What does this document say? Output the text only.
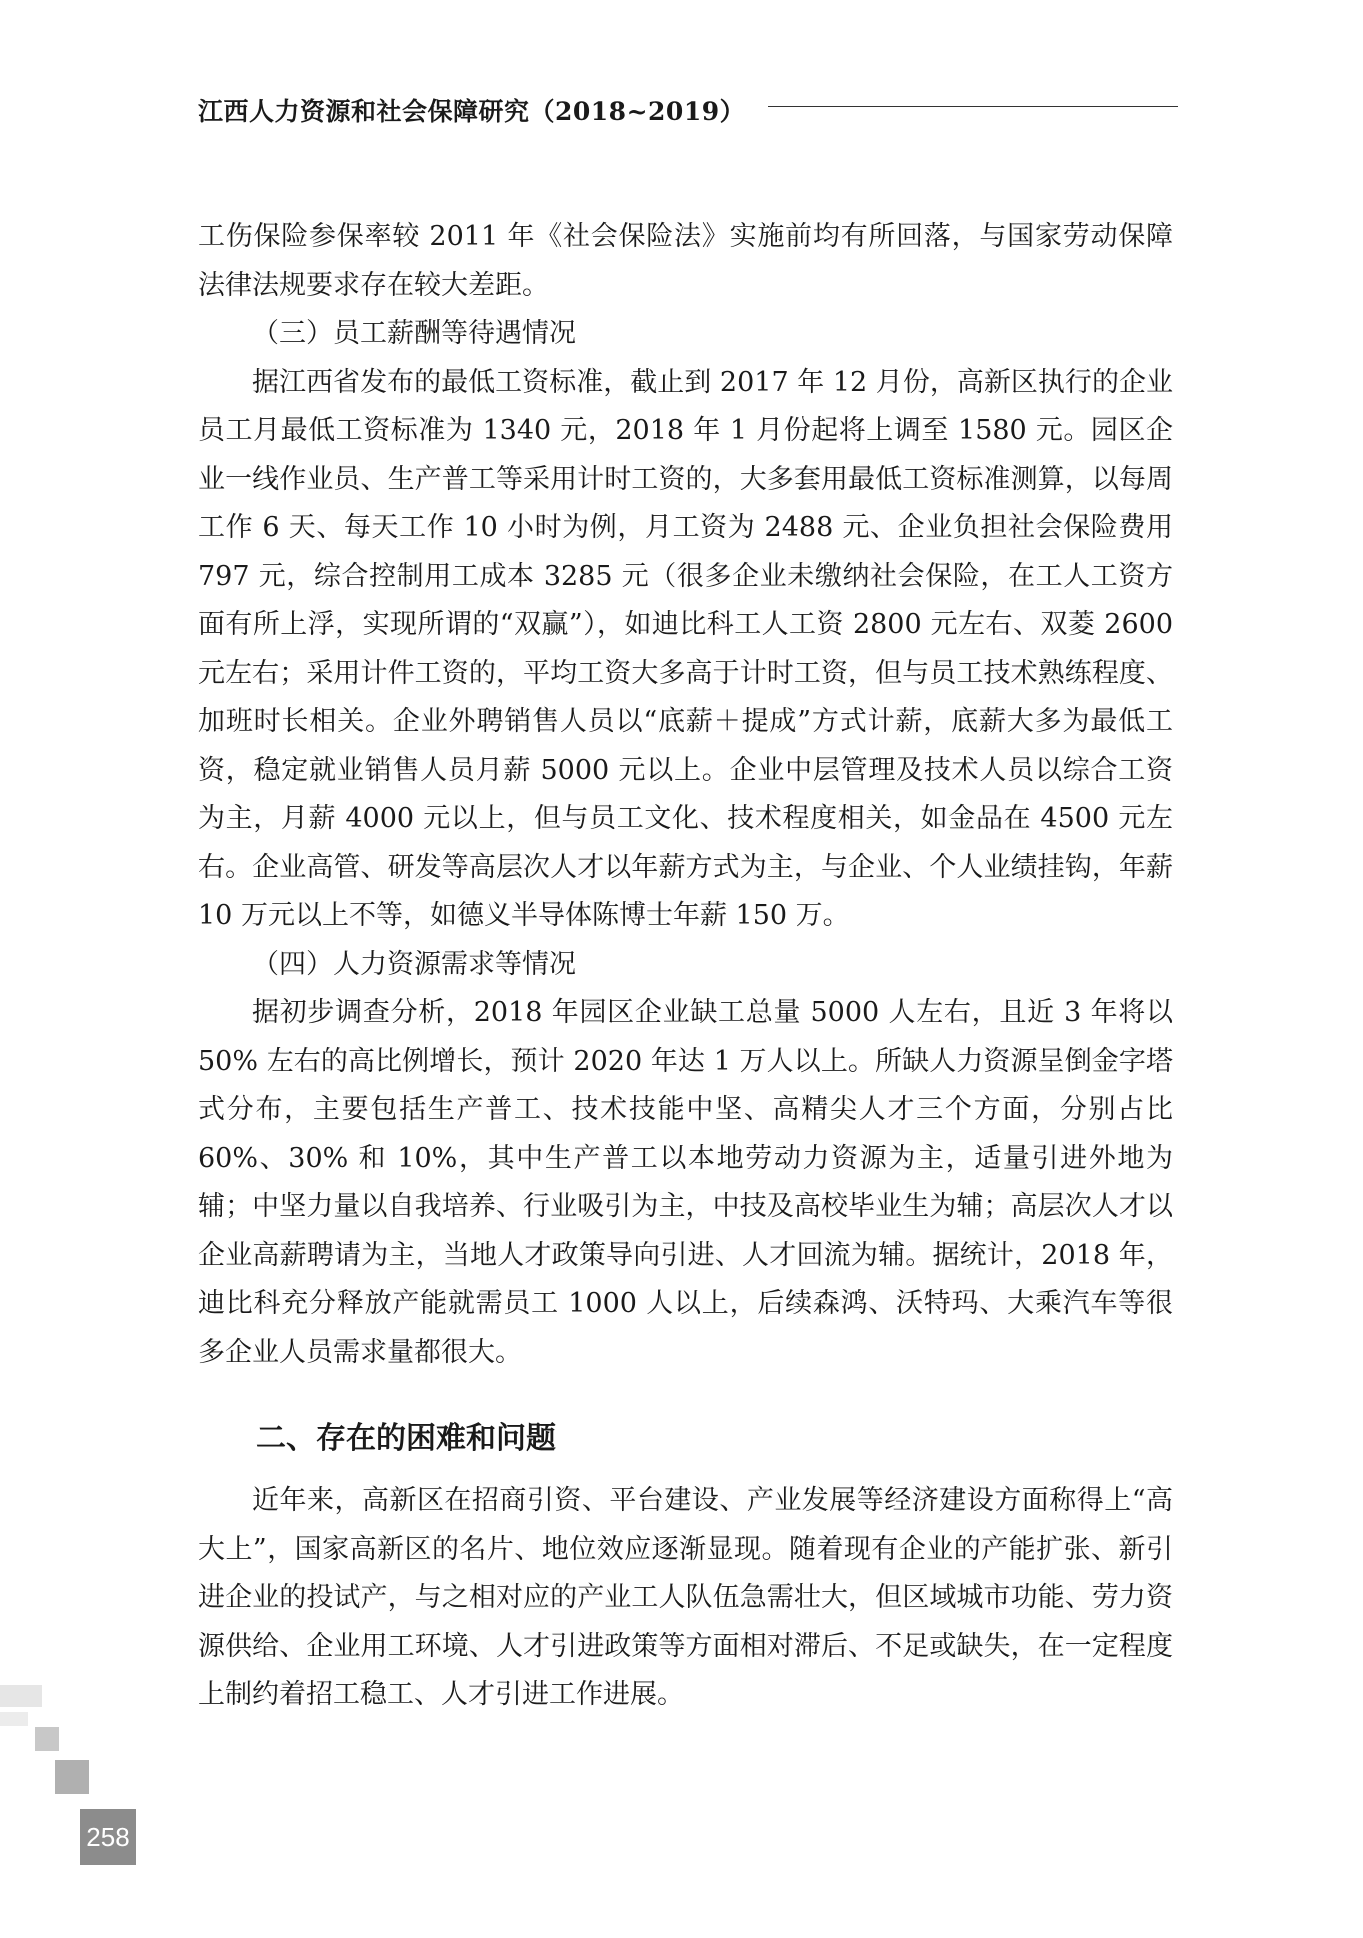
江西人力资源和社会保障研究（2018~2019）

工伤保险参保率较 2011 年《社会保险法》实施前均有所回落，与国家劳动保障法律法规要求存在较大差距。

（三）员工薪酬等待遇情况

据江西省发布的最低工资标准，截止到 2017 年 12 月份，高新区执行的企业员工月最低工资标准为 1340 元，2018 年 1 月份起将上调至 1580 元。园区企业一线作业员、生产普工等采用计时工资的，大多套用最低工资标准测算，以每周工作 6 天、每天工作 10 小时为例，月工资为 2488 元、企业负担社会保险费用 797 元，综合控制用工成本 3285 元（很多企业未缴纳社会保险，在工人工资方面有所上浮，实现所谓的“双赢”），如迪比科工人工资 2800 元左右、双菱 2600 元左右；采用计件工资的，平均工资大多高于计时工资，但与员工技术熟练程度、加班时长相关。企业外聘销售人员以“底薪＋提成”方式计薪，底薪大多为最低工资，稳定就业销售人员月薪 5000 元以上。企业中层管理及技术人员以综合工资为主，月薪 4000 元以上，但与员工文化、技术程度相关，如金品在 4500 元左右。企业高管、研发等高层次人才以年薪方式为主，与企业、个人业绩挂钩，年薪 10 万元以上不等，如德义半导体陈博士年薪 150 万。

（四）人力资源需求等情况

据初步调查分析，2018 年园区企业缺工总量 5000 人左右，且近 3 年将以 50% 左右的高比例增长，预计 2020 年达 1 万人以上。所缺人力资源呈倒金字塔式分布，主要包括生产普工、技术技能中坚、高精尖人才三个方面，分别占比 60%、30% 和 10%，其中生产普工以本地劳动力资源为主，适量引进外地为辅；中坚力量以自我培养、行业吸引为主，中技及高校毕业生为辅；高层次人才以企业高薪聘请为主，当地人才政策导向引进、人才回流为辅。据统计，2018 年，迪比科充分释放产能就需员工 1000 人以上，后续森鸿、沃特玛、大乘汽车等很多企业人员需求量都很大。

二、存在的困难和问题

近年来，高新区在招商引资、平台建设、产业发展等经济建设方面称得上“高大上”，国家高新区的名片、地位效应逐渐显现。随着现有企业的产能扩张、新引进企业的投试产，与之相对应的产业工人队伍急需壮大，但区域城市功能、劳力资源供给、企业用工环境、人才引进政策等方面相对滞后、不足或缺失，在一定程度上制约着招工稳工、人才引进工作进展。

258
